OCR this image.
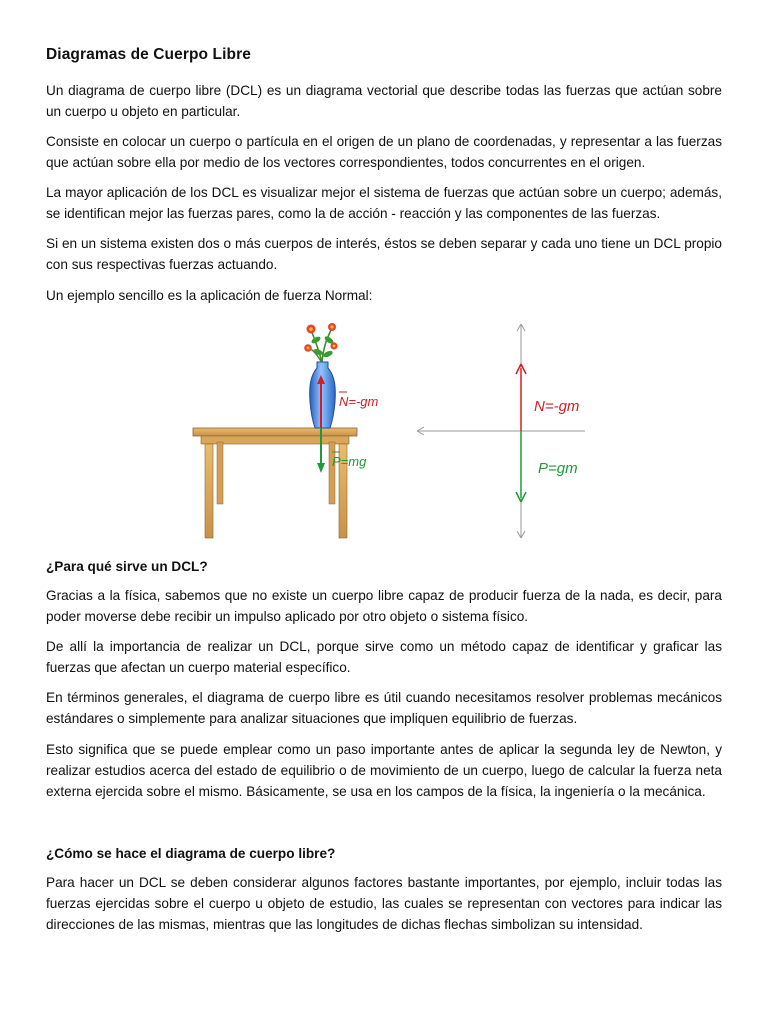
Diagramas de Cuerpo Libre

Un diagrama de cuerpo libre (DCL) es un diagrama vectorial que describe todas las fuerzas que actúan sobre un cuerpo u objeto en particular.

Consiste en colocar un cuerpo o partícula en el origen de un plano de coordenadas, y representar a las fuerzas que actúan sobre ella por medio de los vectores correspondientes, todos concurrentes en el origen.

La mayor aplicación de los DCL es visualizar mejor el sistema de fuerzas que actúan sobre un cuerpo; además, se identifican mejor las fuerzas pares, como la de acción - reacción y las componentes de las fuerzas.

Si en un sistema existen dos o más cuerpos de interés, éstos se deben separar y cada uno tiene un DCL propio con sus respectivas fuerzas actuando.

Un ejemplo sencillo es la aplicación de fuerza Normal:

N=-gm
P=mg
N=-gm
P=gm

¿Para qué sirve un DCL?

Gracias a la física, sabemos que no existe un cuerpo libre capaz de producir fuerza de la nada, es decir, para poder moverse debe recibir un impulso aplicado por otro objeto o sistema físico.

De allí la importancia de realizar un DCL, porque sirve como un método capaz de identificar y graficar las fuerzas que afectan un cuerpo material específico.

En términos generales, el diagrama de cuerpo libre es útil cuando necesitamos resolver problemas mecánicos estándares o simplemente para analizar situaciones que impliquen equilibrio de fuerzas.

Esto significa que se puede emplear como un paso importante antes de aplicar la segunda ley de Newton, y realizar estudios acerca del estado de equilibrio o de movimiento de un cuerpo, luego de calcular la fuerza neta externa ejercida sobre el mismo. Básicamente, se usa en los campos de la física, la ingeniería o la mecánica.

¿Cómo se hace el diagrama de cuerpo libre?

Para hacer un DCL se deben considerar algunos factores bastante importantes, por ejemplo, incluir todas las fuerzas ejercidas sobre el cuerpo u objeto de estudio, las cuales se representan con vectores para indicar las direcciones de las mismas, mientras que las longitudes de dichas flechas simbolizan su intensidad.
